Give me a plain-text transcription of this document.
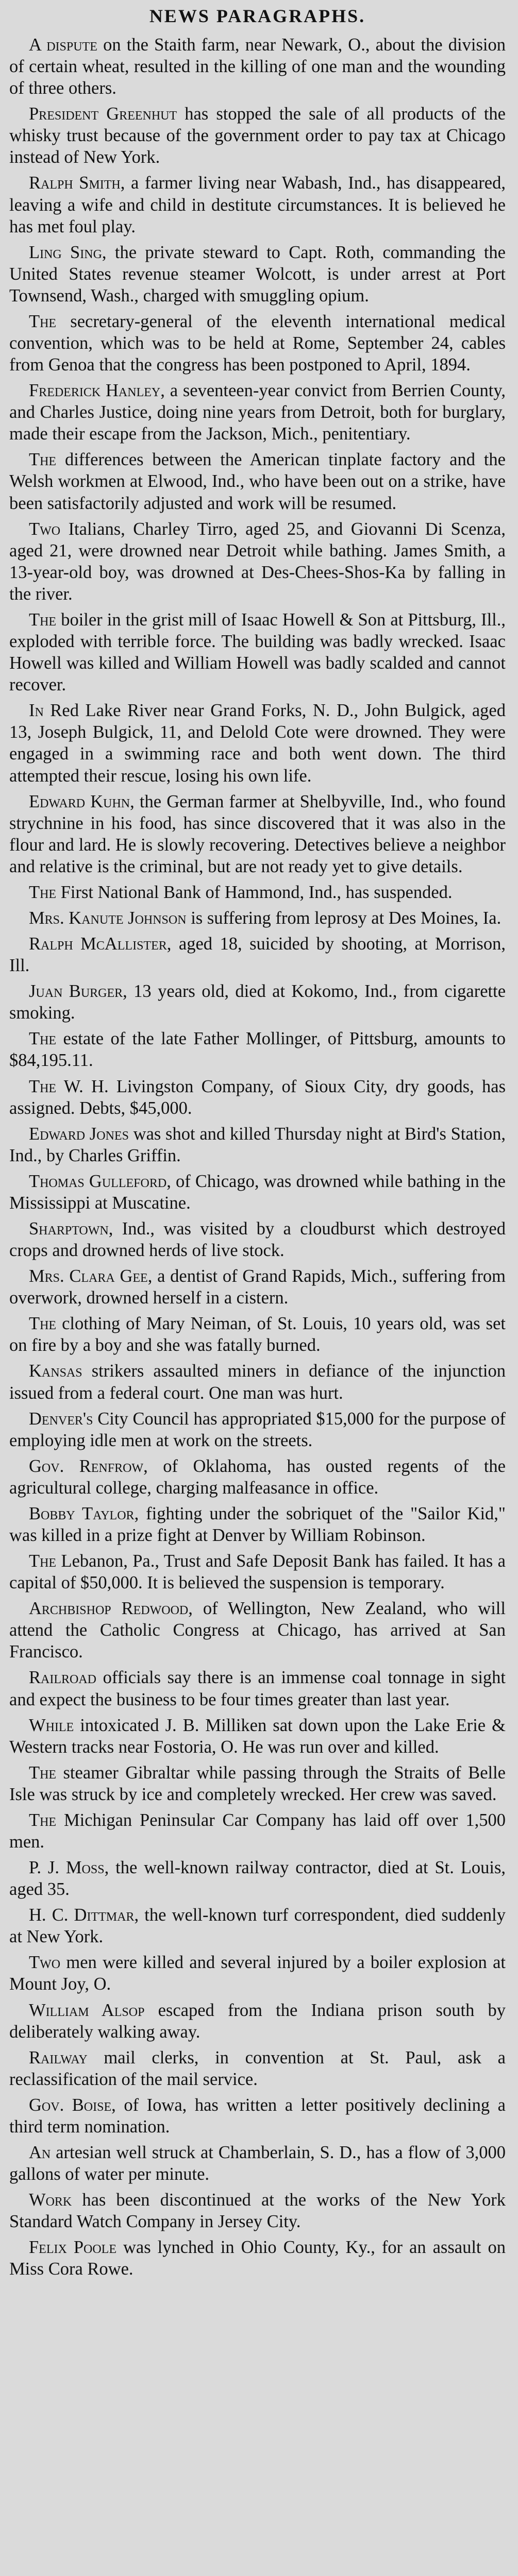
NEWS PARAGRAPHS.

A dispute on the Staith farm, near Newark, O., about the division of certain wheat, resulted in the killing of one man and the wounding of three others.

President Greenhut has stopped the sale of all products of the whisky trust because of the government order to pay tax at Chicago instead of New York.

Ralph Smith, a farmer living near Wabash, Ind., has disappeared, leaving a wife and child in destitute circumstances. It is believed he has met foul play.

Ling Sing, the private steward to Capt. Roth, commanding the United States revenue steamer Wolcott, is under arrest at Port Townsend, Wash., charged with smuggling opium.

The secretary-general of the eleventh international medical convention, which was to be held at Rome, September 24, cables from Genoa that the congress has been postponed to April, 1894.

Frederick Hanley, a seventeen-year convict from Berrien County, and Charles Justice, doing nine years from Detroit, both for burglary, made their escape from the Jackson, Mich., penitentiary.

The differences between the American tinplate factory and the Welsh workmen at Elwood, Ind., who have been out on a strike, have been satisfactorily adjusted and work will be resumed.

Two Italians, Charley Tirro, aged 25, and Giovanni Di Scenza, aged 21, were drowned near Detroit while bathing. James Smith, a 13-year-old boy, was drowned at Des-Chees-Shos-Ka by falling in the river.

The boiler in the grist mill of Isaac Howell & Son at Pittsburg, Ill., exploded with terrible force. The building was badly wrecked. Isaac Howell was killed and William Howell was badly scalded and cannot recover.

In Red Lake River near Grand Forks, N. D., John Bulgick, aged 13, Joseph Bulgick, 11, and Delold Cote were drowned. They were engaged in a swimming race and both went down. The third attempted their rescue, losing his own life.

Edward Kuhn, the German farmer at Shelbyville, Ind., who found strychnine in his food, has since discovered that it was also in the flour and lard. He is slowly recovering. Detectives believe a neighbor and relative is the criminal, but are not ready yet to give details.

The First National Bank of Hammond, Ind., has suspended.

Mrs. Kanute Johnson is suffering from leprosy at Des Moines, Ia.

Ralph McAllister, aged 18, suicided by shooting, at Morrison, Ill.

Juan Burger, 13 years old, died at Kokomo, Ind., from cigarette smoking.

The estate of the late Father Mollinger, of Pittsburg, amounts to $84,195.11.

The W. H. Livingston Company, of Sioux City, dry goods, has assigned. Debts, $45,000.

Edward Jones was shot and killed Thursday night at Bird's Station, Ind., by Charles Griffin.

Thomas Gulleford, of Chicago, was drowned while bathing in the Mississippi at Muscatine.

Sharptown, Ind., was visited by a cloudburst which destroyed crops and drowned herds of live stock.

Mrs. Clara Gee, a dentist of Grand Rapids, Mich., suffering from overwork, drowned herself in a cistern.

The clothing of Mary Neiman, of St. Louis, 10 years old, was set on fire by a boy and she was fatally burned.

Kansas strikers assaulted miners in defiance of the injunction issued from a federal court. One man was hurt.

Denver's City Council has appropriated $15,000 for the purpose of employing idle men at work on the streets.

Gov. Renfrow, of Oklahoma, has ousted regents of the agricultural college, charging malfeasance in office.

Bobby Taylor, fighting under the sobriquet of the "Sailor Kid," was killed in a prize fight at Denver by William Robinson.

The Lebanon, Pa., Trust and Safe Deposit Bank has failed. It has a capital of $50,000. It is believed the suspension is temporary.

Archbishop Redwood, of Wellington, New Zealand, who will attend the Catholic Congress at Chicago, has arrived at San Francisco.

Railroad officials say there is an immense coal tonnage in sight and expect the business to be four times greater than last year.

While intoxicated J. B. Milliken sat down upon the Lake Erie & Western tracks near Fostoria, O. He was run over and killed.

The steamer Gibraltar while passing through the Straits of Belle Isle was struck by ice and completely wrecked. Her crew was saved.

The Michigan Peninsular Car Company has laid off over 1,500 men.

P. J. Moss, the well-known railway contractor, died at St. Louis, aged 35.

H. C. Dittmar, the well-known turf correspondent, died suddenly at New York.

Two men were killed and several injured by a boiler explosion at Mount Joy, O.

William Alsop escaped from the Indiana prison south by deliberately walking away.

Railway mail clerks, in convention at St. Paul, ask a reclassification of the mail service.

Gov. Boise, of Iowa, has written a letter positively declining a third term nomination.

An artesian well struck at Chamberlain, S. D., has a flow of 3,000 gallons of water per minute.

Work has been discontinued at the works of the New York Standard Watch Company in Jersey City.

Felix Poole was lynched in Ohio County, Ky., for an assault on Miss Cora Rowe.
